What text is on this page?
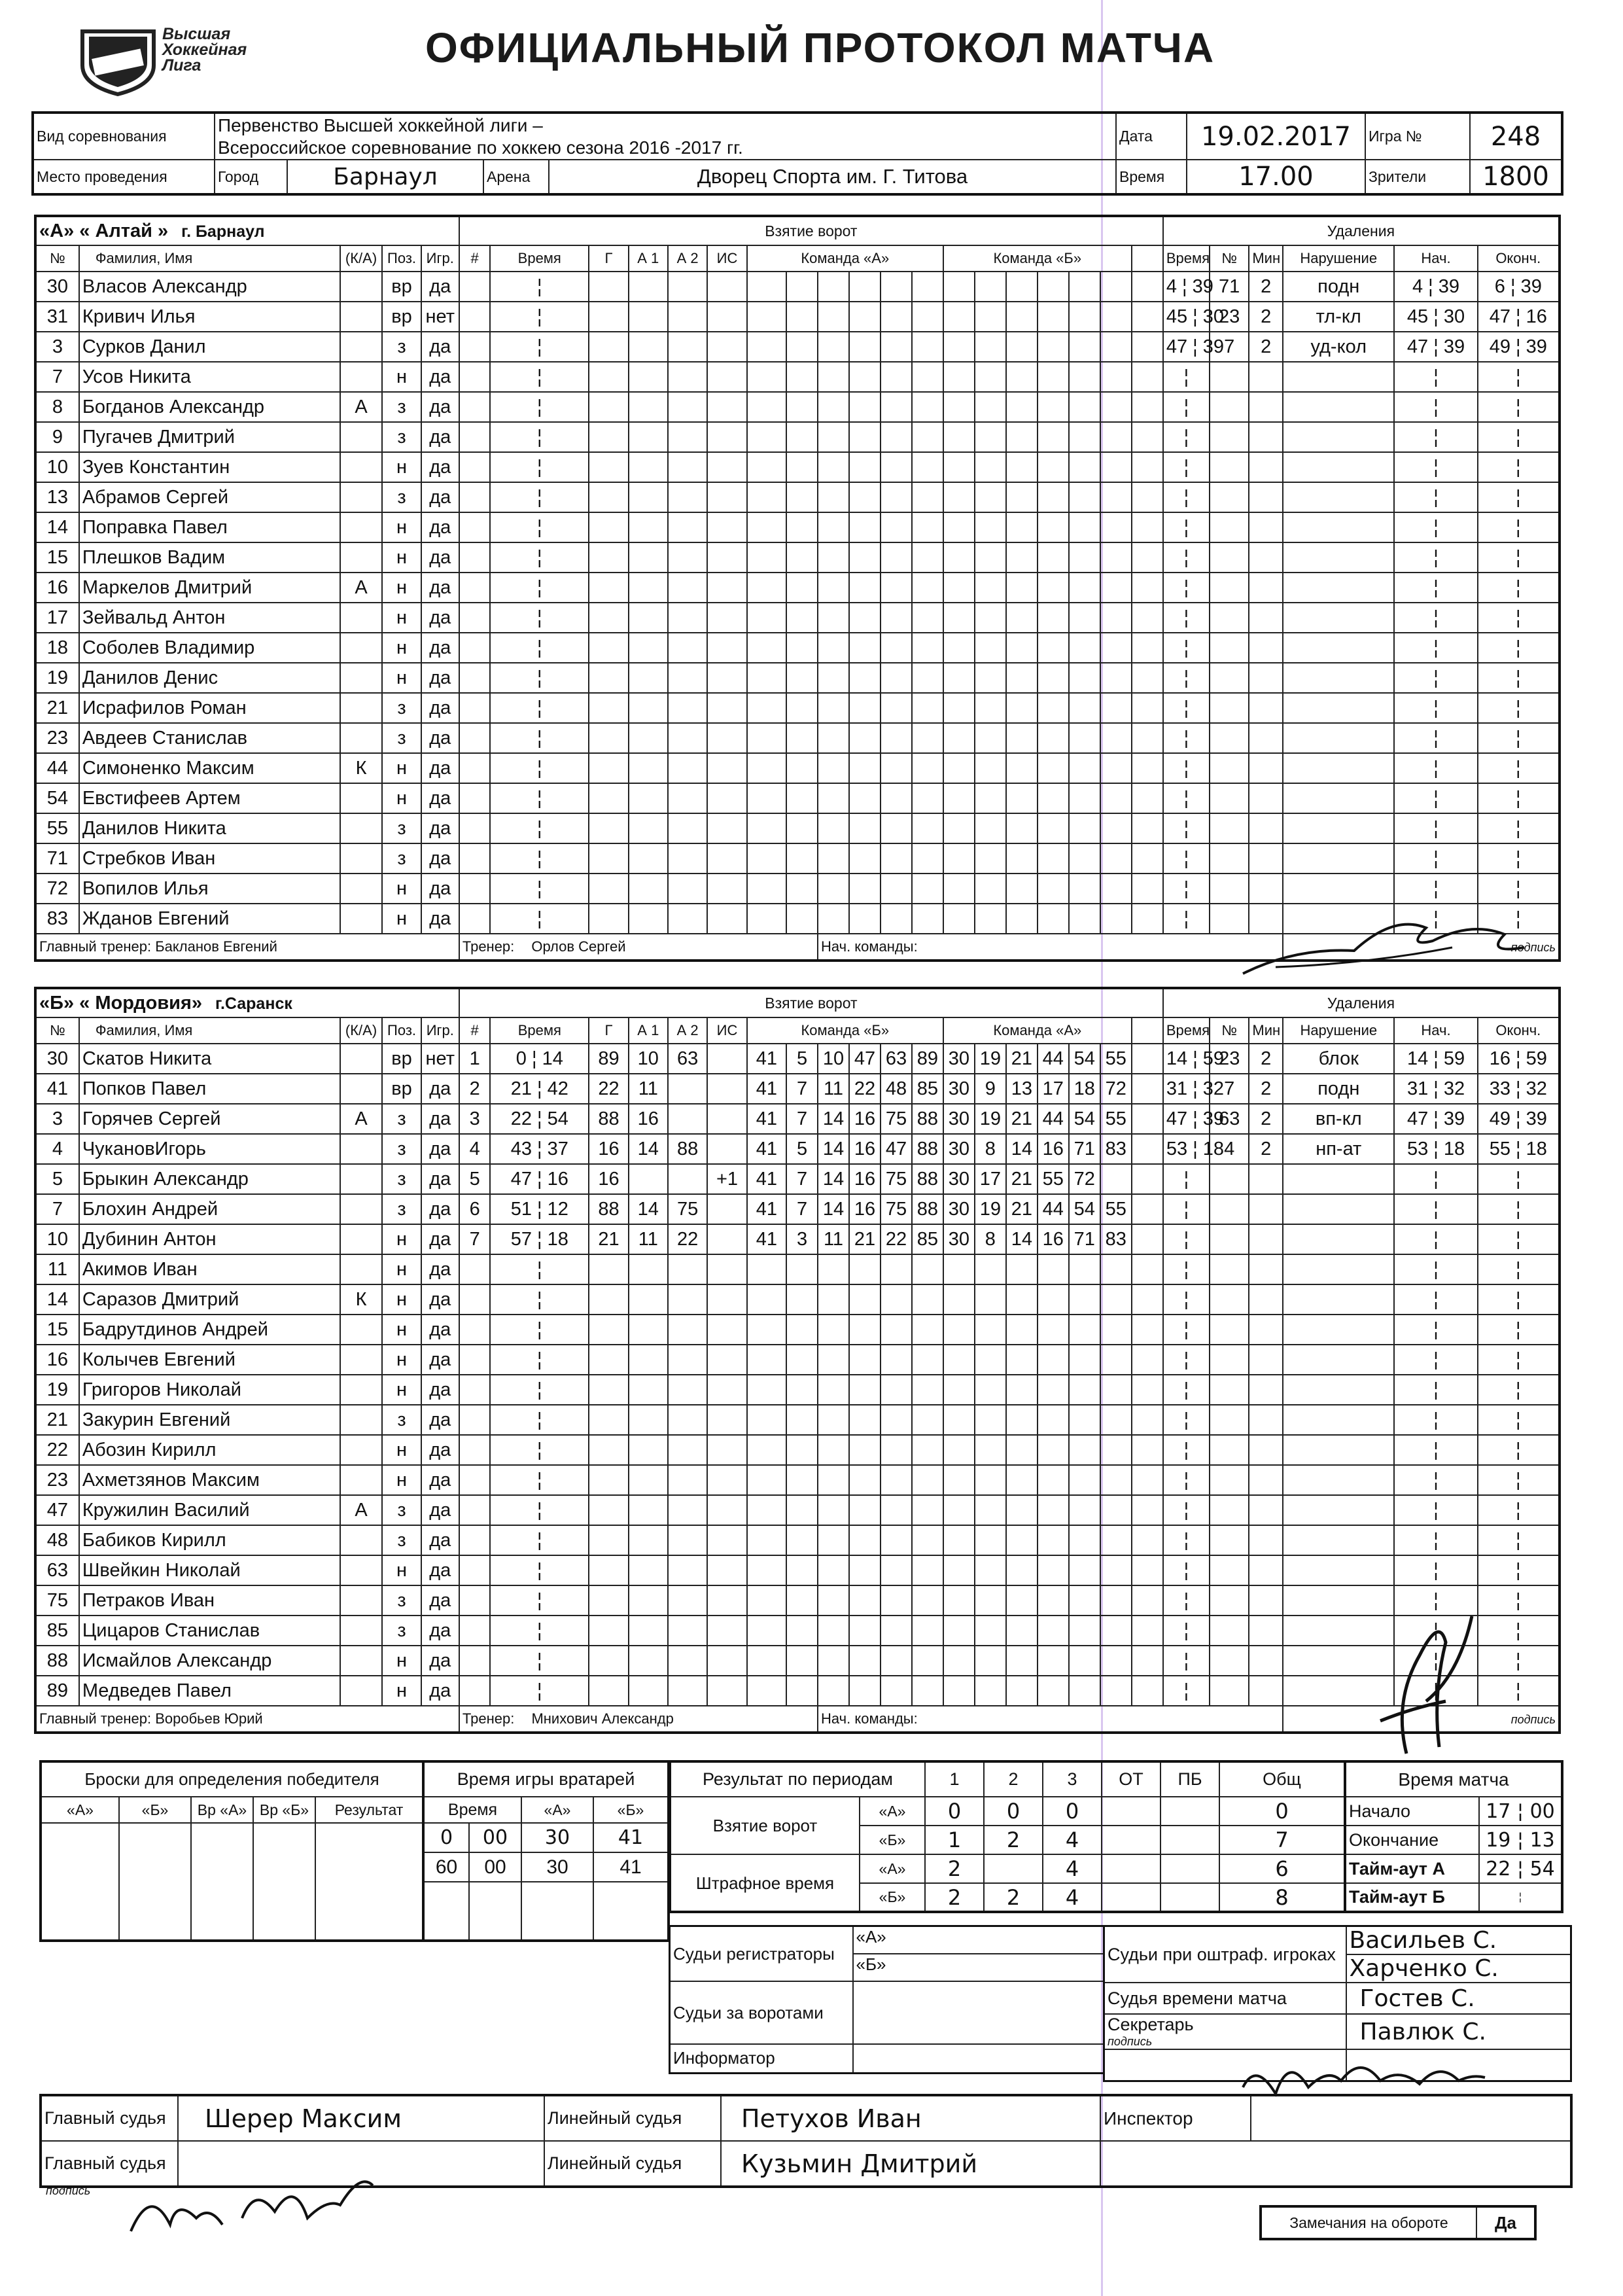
Высшая
Хоккейная
Лига	ОФИЦИАЛЬНЫЙ ПРОТОКОЛ МАТЧА
Вид соревнования	
Первенство Высшей хоккейной лиги –
Всероссийское соревнование по хоккею сезона 2016 -2017 гг.
	Дата	19.02.2017	Игра №	248
Место проведения		Город	Барнаул	Арена	Дворец Спорта им. Г. Титова
		Время	17.00	Зрители	1800
«А» « Алтай » г. Барнаул					Взятие ворот																			Удаления					
№	Фамилия, Имя	(К/А)	Поз.	Игр.	#	Время	Г	А 1	А 2	ИС	Команда «А»						Команда «Б»							Время	№	Мин	Нарушение	Нач.	Оконч.
30	Власов Александр		вр	да		¦																		4 ¦ 39	71	2	подн	4 ¦ 39	6 ¦ 39
31	Кривич Илья		вр	нет		¦																		45 ¦ 30	23	2	тл-кл	45 ¦ 30	47 ¦ 16
3	Сурков Данил		з	да		¦																		47 ¦ 39	7	2	уд-кол	47 ¦ 39	49 ¦ 39
7	Усов Никита		н	да		¦																		¦				¦	¦
8	Богданов Александр	А	з	да		¦																		¦				¦	¦
9	Пугачев Дмитрий		з	да		¦																		¦				¦	¦
10	Зуев Константин		н	да		¦																		¦				¦	¦
13	Абрамов Сергей		з	да		¦																		¦				¦	¦
14	Поправка Павел		н	да		¦																		¦				¦	¦
15	Плешков Вадим		н	да		¦																		¦				¦	¦
16	Маркелов Дмитрий	А	н	да		¦																		¦				¦	¦
17	Зейвальд Антон		н	да		¦																		¦				¦	¦
18	Соболев Владимир		н	да		¦																		¦				¦	¦
19	Данилов Денис		н	да		¦																		¦				¦	¦
21	Исрафилов Роман		з	да		¦																		¦				¦	¦
23	Авдеев Станислав		з	да		¦																		¦				¦	¦
44	Симоненко Максим	К	н	да		¦																		¦				¦	¦
54	Евстифеев Артем		н	да		¦																		¦				¦	¦
55	Данилов Никита		з	да		¦																		¦				¦	¦
71	Стребков Иван		з	да		¦																		¦				¦	¦
72	Вопилов Илья		н	да		¦																		¦				¦	¦
83	Жданов Евгений		н	да		¦																		¦				¦	¦
Главный тренер: Бакланов Евгений					Тренер: Орлов Сергей								Нач. команды:														подпись		
«Б» « Мордовия» г.Саранск					Взятие ворот																			Удаления					
№	Фамилия, Имя	(К/А)	Поз.	Игр.	#	Время	Г	А 1	А 2	ИС	Команда «Б»						Команда «А»							Время	№	Мин	Нарушение	Нач.	Оконч.
30	Скатов Никита		вр	нет	1	0 ¦ 14	89	10	63		41	5	10	47	63	89	30	19	21	44	54	55		14 ¦ 59	23	2	блок	14 ¦ 59	16 ¦ 59
41	Попков Павел		вр	да	2	21 ¦ 42	22	11			41	7	11	22	48	85	30	9	13	17	18	72		31 ¦ 32	7	2	подн	31 ¦ 32	33 ¦ 32
3	Горячев Сергей	А	з	да	3	22 ¦ 54	88	16			41	7	14	16	75	88	30	19	21	44	54	55		47 ¦ 39	63	2	вп-кл	47 ¦ 39	49 ¦ 39
4	ЧукановИгорь		з	да	4	43 ¦ 37	16	14	88		41	5	14	16	47	88	30	8	14	16	71	83		53 ¦ 18	4	2	нп-ат	53 ¦ 18	55 ¦ 18
5	Брыкин Александр		з	да	5	47 ¦ 16	16			+1	41	7	14	16	75	88	30	17	21	55	72			¦				¦	¦
7	Блохин Андрей		з	да	6	51 ¦ 12	88	14	75		41	7	14	16	75	88	30	19	21	44	54	55		¦				¦	¦
10	Дубинин Антон		н	да	7	57 ¦ 18	21	11	22		41	3	11	21	22	85	30	8	14	16	71	83		¦				¦	¦
11	Акимов Иван		н	да		¦																		¦				¦	¦
14	Саразов Дмитрий	К	н	да		¦																		¦				¦	¦
15	Бадрутдинов Андрей		н	да		¦																		¦				¦	¦
16	Колычев Евгений		н	да		¦																		¦				¦	¦
19	Григоров Николай		н	да		¦																		¦				¦	¦
21	Закурин Евгений		з	да		¦																		¦				¦	¦
22	Абозин Кирилл		н	да		¦																		¦				¦	¦
23	Ахметзянов Максим		н	да		¦																		¦				¦	¦
47	Кружилин Василий	А	з	да		¦																		¦				¦	¦
48	Бабиков Кирилл		з	да		¦																		¦				¦	¦
63	Швейкин Николай		н	да		¦																		¦				¦	¦
75	Петраков Иван		з	да		¦																		¦				¦	¦
85	Цицаров Станислав		з	да		¦																		¦				¦	¦
88	Исмайлов Александр		н	да		¦																		¦				¦	¦
89	Медведев Павел		н	да		¦																		¦				¦	¦
Главный тренер: Воробьев Юрий					Тренер: Мнихович Александр								Нач. команды:														подпись		
Броски для определения победителя				
«А»	«Б»	Вр «А»	Вр «Б»	Результат

Время игры вратарей			
Время		«А»	«Б»
0	00	30	41
60	00	30	41

Результат по периодам		1	2	3	ОТ	ПБ	Общ
Взятие ворот	«А»	0	0	0			0
	«Б»	1	2	4			7
Штрафное время	«А»	2		4			6
	«Б»	2	2	4			8
Время матча	
Начало	17 ¦ 00
Окончание	19 ¦ 13
Тайм-аут А	22 ¦ 54
Тайм-аут Б	¦
Судьи регистраторы	«А»
«Б»

Судьи за воротами	
Информатор	
Судьи при оштраф. игроках	Васильев С.
	Харченко С.
Судья времени матча	Гостев С.

Секретарь
подпись	Павлюк С.

Главный судья	Шерер Максим	Линейный судья	Петухов Иван	Инспектор	
Главный судья		Линейный судья	Кузьмин Дмитрий		
подпись
Замечания на обороте	Да
